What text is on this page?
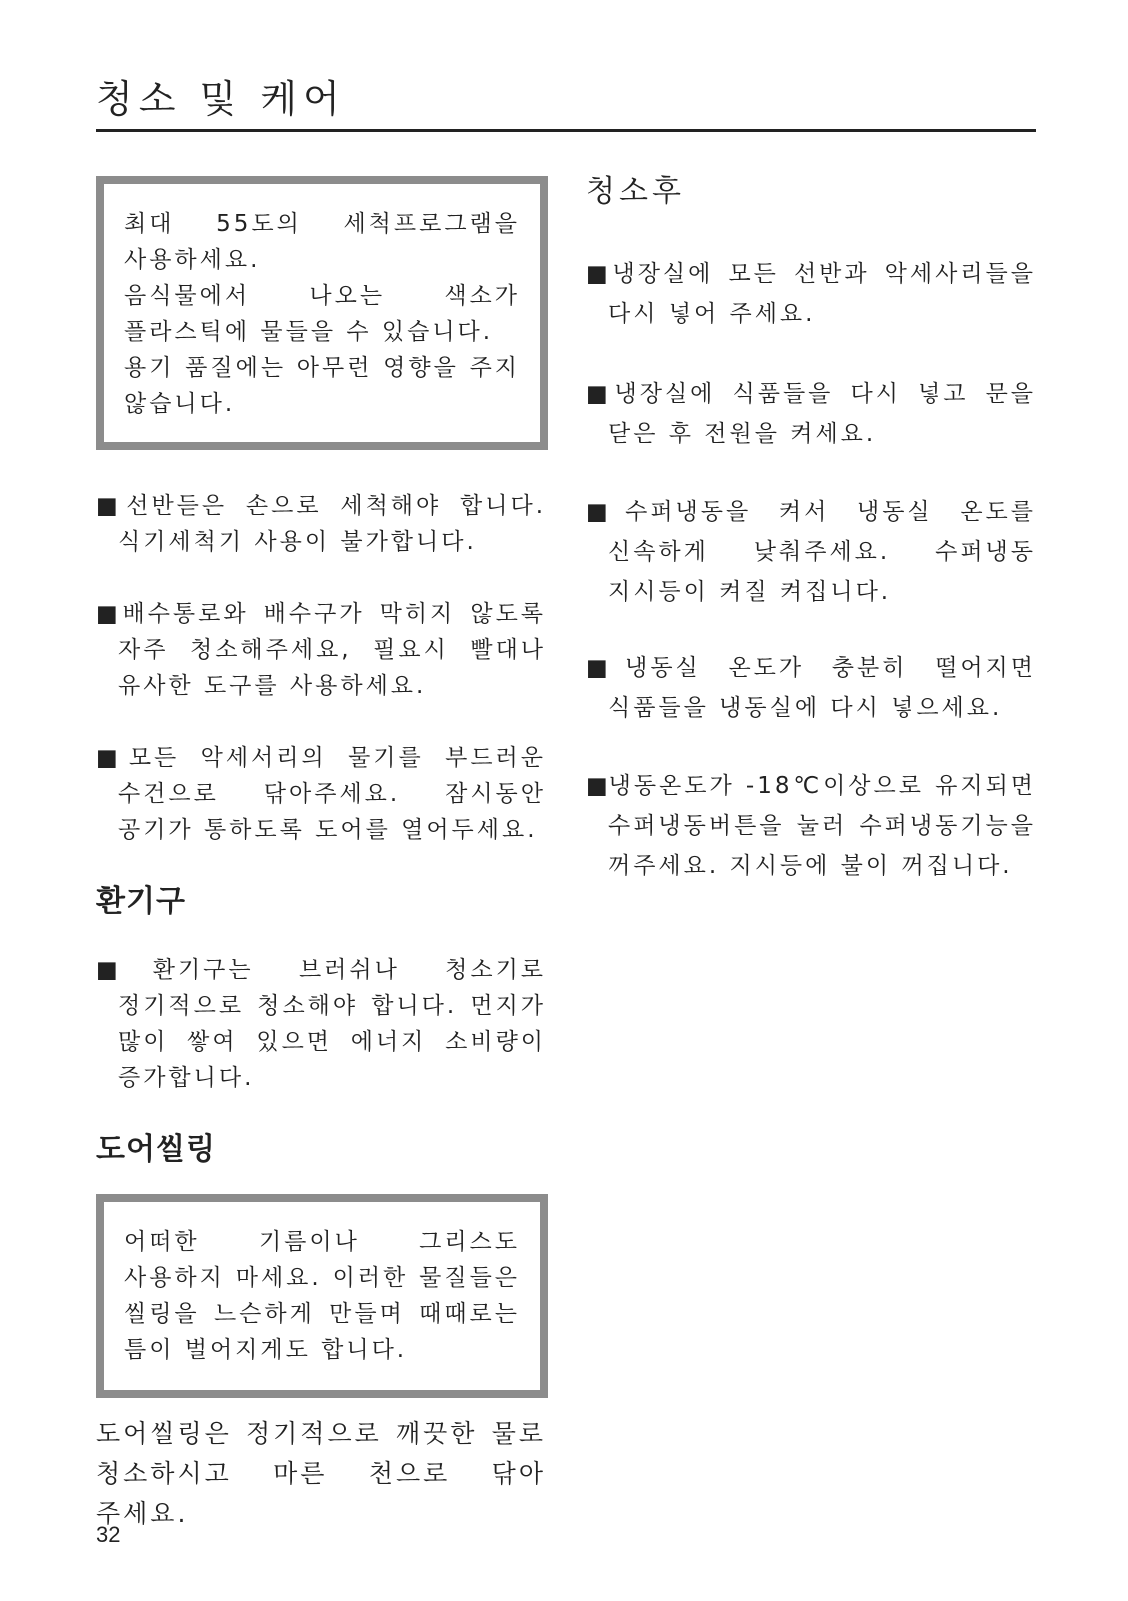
청소 및 케어

최대 55도의 세척프로그램을 사용하세요.

음식물에서 나오는 색소가 플라스틱에 물들을 수 있습니다.

용기 품질에는 아무런 영향을 주지 않습니다.

■선반듣은 손으로 세척해야 합니다. 식기세척기 사용이 불가합니다.

■배수통로와 배수구가 막히지 않도록 자주 청소해주세요, 필요시 빨대나 유사한 도구를 사용하세요.

■모든 악세서리의 물기를 부드러운 수건으로 닦아주세요. 잠시동안 공기가 통하도록 도어를 열어두세요.

환기구

■환기구는 브러쉬나 청소기로 정기적으로 청소해야 합니다. 먼지가 많이 쌓여 있으면 에너지 소비량이 증가합니다.

도어씰링

어떠한 기름이나 그리스도 사용하지 마세요. 이러한 물질들은 씰링을 느슨하게 만들며 때때로는 틈이 벌어지게도 합니다.

도어씰링은 정기적으로 깨끗한 물로 청소하시고 마른 천으로 닦아 주세요.

청소후

■냉장실에 모든 선반과 악세사리들을 다시 넣어 주세요.

■냉장실에 식품들을 다시 넣고 문을 닫은 후 전원을 켜세요.

■수퍼냉동을 켜서 냉동실 온도를 신속하게 낮춰주세요. 수퍼냉동 지시등이 켜질 켜집니다.

■냉동실 온도가 충분히 떨어지면 식품들을 냉동실에 다시 넣으세요.

■냉동온도가 -18℃이상으로 유지되면 수퍼냉동버튼을 눌러 수퍼냉동기능을 꺼주세요. 지시등에 불이 꺼집니다.

32
